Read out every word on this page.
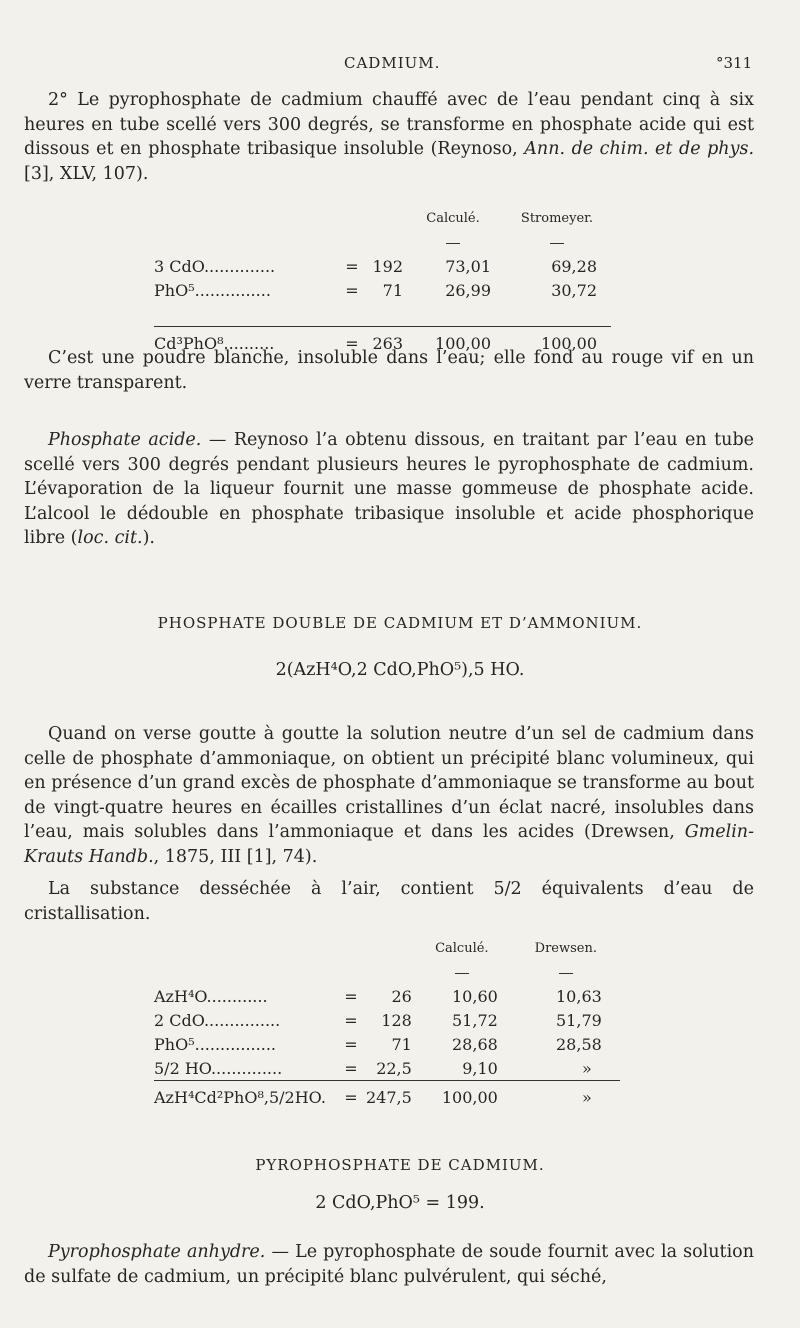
CADMIUM.	°311

2° Le pyrophosphate de cadmium chauffé avec de l’eau pendant cinq à six heures en tube scellé vers 300 degrés, se transforme en phosphate acide qui est dissous et en phosphate tribasique insoluble (Reynoso, Ann. de chim. et de phys. [3], XLV, 107).

			Calculé.	Stromeyer.

3 CdO..............	=	192	73,01	69,28
PhO⁵...............	=	71	26,99	30,72

Cd³PhO⁸..........	=	263	100,00	100,00

C’est une poudre blanche, insoluble dans l’eau; elle fond au rouge vif en un verre transparent.

Phosphate acide. — Reynoso l’a obtenu dissous, en traitant par l’eau en tube scellé vers 300 degrés pendant plusieurs heures le pyrophosphate de cadmium. L’évaporation de la liqueur fournit une masse gommeuse de phosphate acide. L’alcool le dédouble en phosphate tribasique insoluble et acide phosphorique libre (loc. cit.).

PHOSPHATE DOUBLE DE CADMIUM ET D’AMMONIUM.
2(AzH⁴O,2 CdO,PhO⁵),5 HO.

Quand on verse goutte à goutte la solution neutre d’un sel de cadmium dans celle de phosphate d’ammoniaque, on obtient un précipité blanc volumineux, qui en présence d’un grand excès de phosphate d’ammoniaque se transforme au bout de vingt-quatre heures en écailles cristallines d’un éclat nacré, insolubles dans l’eau, mais solubles dans l’ammoniaque et dans les acides (Drewsen, Gmelin-Krauts Handb., 1875, III [1], 74).

La substance desséchée à l’air, contient 5/2 équivalents d’eau de cristallisation.

			Calculé.	Drewsen.

AzH⁴O............	=	26	10,60	10,63
2 CdO...............	=	128	51,72	51,79
PhO⁵................	=	71	28,68	28,58
5/2 HO..............	=	22,5	9,10	»
AzH⁴Cd²PhO⁸,5/2HO.	=	247,5	100,00	»
PYROPHOSPHATE DE CADMIUM.
2 CdO,PhO⁵ = 199.

Pyrophosphate anhydre. — Le pyrophosphate de soude fournit avec la solution de sulfate de cadmium, un précipité blanc pulvérulent, qui séché,
